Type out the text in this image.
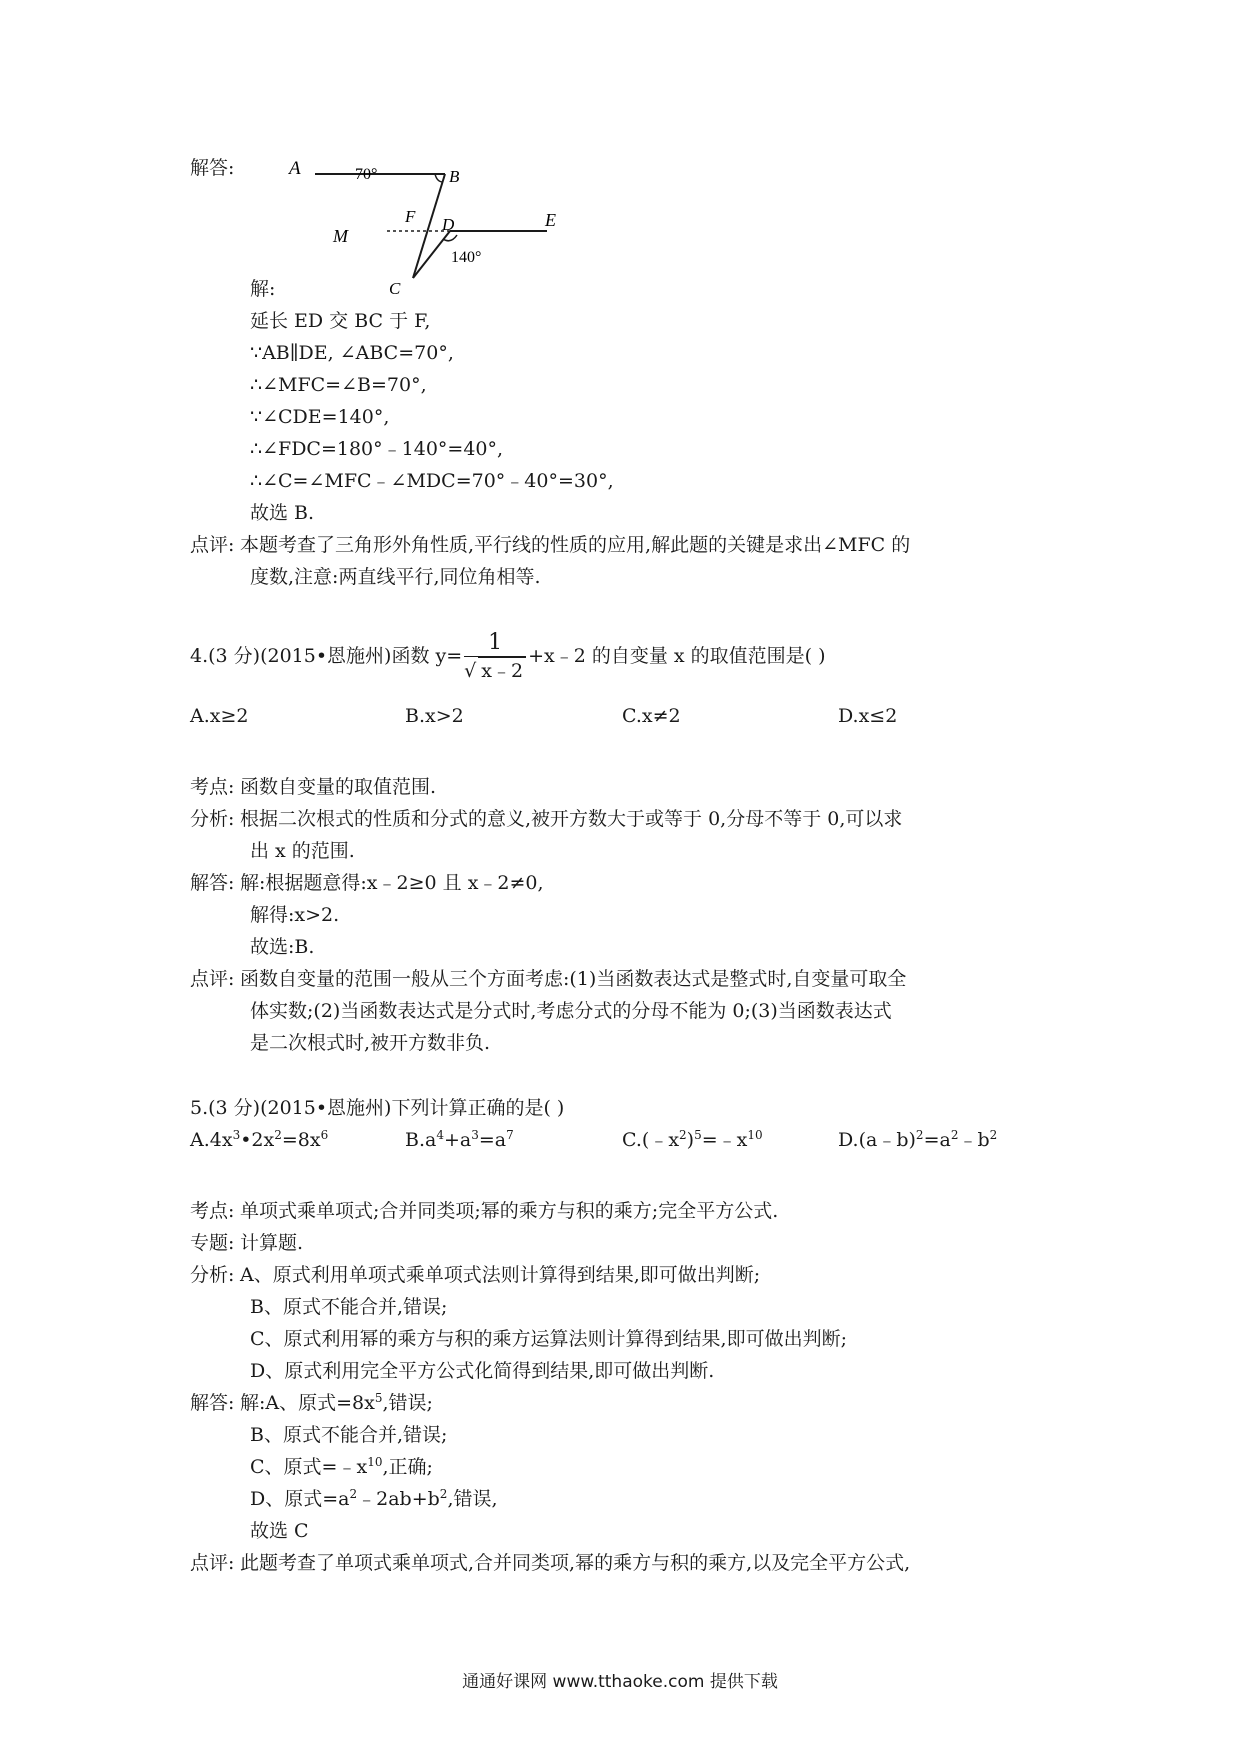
解答:	A	B
70°
F D	E
M
140°
C
解:
延长 ED 交 BC 于 F,
∵AB∥DE, ∠ABC=70°,
∴∠MFC=∠B=70°,
∵∠CDE=140°,
∴∠FDC=180°﹣140°=40°,
∴∠C=∠MFC﹣∠MDC=70°﹣40°=30°,
故选 B.
点评: 本题考查了三角形外角性质,平行线的性质的应用,解此题的关键是求出∠MFC 的
度数,注意:两直线平行,同位角相等.
4.(3 分)(2015•恩施州)函数 $y= \frac{1}{√ x﹣2}$ +x﹣2 的自变量 x 的取值范围是( )
A.x≥2	B.x>2	C.x≠2	D.x≤2
考点: 函数自变量的取值范围.
分析: 根据二次根式的性质和分式的意义,被开方数大于或等于 0,分母不等于 0,可以求
出 x 的范围.
解答: 解:根据题意得:x﹣2≥0 且 x﹣2≠0,
解得:x>2.
故选:B.
点评: 函数自变量的范围一般从三个方面考虑:(1)当函数表达式是整式时,自变量可取全
体实数;(2)当函数表达式是分式时,考虑分式的分母不能为 0;(3)当函数表达式
是二次根式时,被开方数非负.
5.(3 分)(2015•恩施州)下列计算正确的是( )
$A.4x^3•2x^2=8x^6$	$B.a^4+a^3=a^7$	$C.(﹣x^2)^5=﹣x^{10}$	$D.(a﹣b)^2=a^2﹣b^2$
考点: 单项式乘单项式;合并同类项;幂的乘方与积的乘方;完全平方公式.
专题: 计算题.
分析: A、原式利用单项式乘单项式法则计算得到结果,即可做出判断;
B、原式不能合并,错误;
C、原式利用幂的乘方与积的乘方运算法则计算得到结果,即可做出判断;
D、原式利用完全平方公式化简得到结果,即可做出判断.
解答: 解:A、原式$=8x^5$,错误;
B、原式不能合并,错误;
C、原式$=﹣x^{10}$,正确;
D、原式$=a^2﹣2ab+b^2$,错误,
故选 C
点评: 此题考查了单项式乘单项式,合并同类项,幂的乘方与积的乘方,以及完全平方公式,
通通好课网 www.tthaoke.com 提供下载
